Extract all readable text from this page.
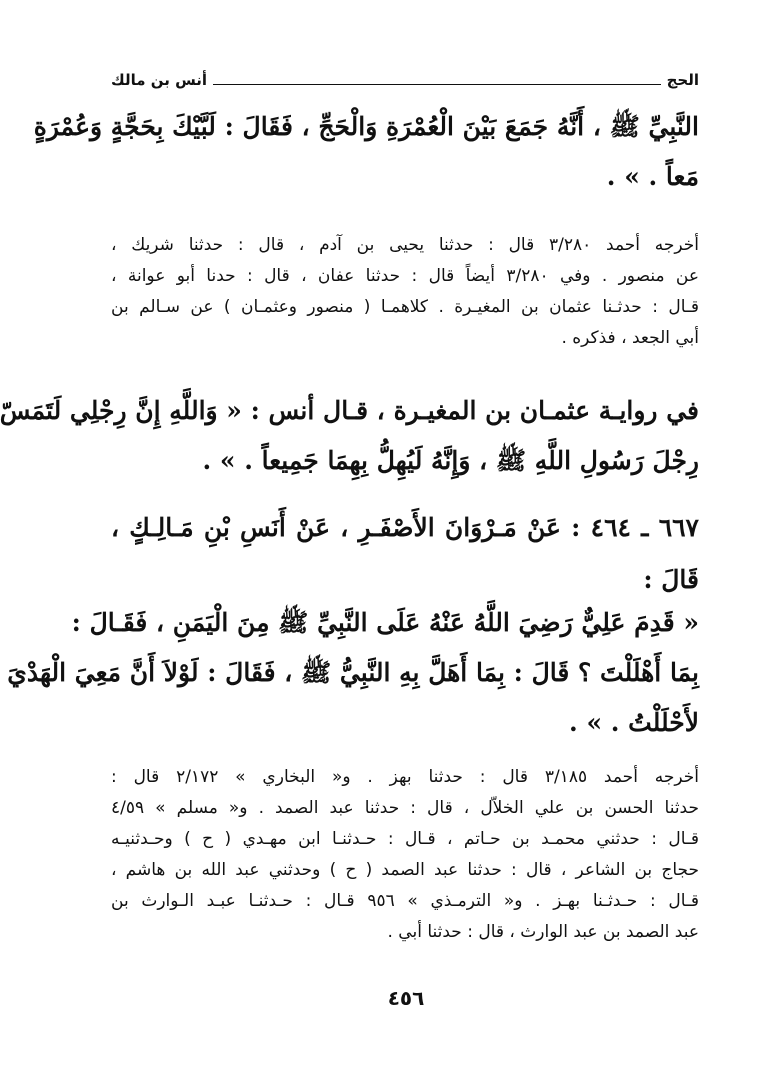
الحج
أنس بن مالك
النَّبِيِّ ﷺ ، أَنَّهُ جَمَعَ بَيْنَ الْعُمْرَةِ وَالْحَجِّ ، فَقَالَ : لَبَّيْكَ بِحَجَّةٍ وَعُمْرَةٍ
مَعاً . » .
أخرجه أحمد ٣/٢٨٠ قال : حدثنا يحيى بن آدم ، قال : حدثنا شريك ،
عن منصور . وفي ٣/٢٨٠ أيضاً قال : حدثنا عفان ، قال : حدنا أبو عوانة ،
قـال : حدثـنا عثمان بن المغيـرة . كلاهمـا ( منصور وعثمـان ) عن سـالم بن
أبي الجعد ، فذكره .
في روايـة عثمـان بن المغيـرة ، قـال أنس : « وَاللَّهِ إِنَّ رِجْلِي لَتَمَسّ
رِجْلَ رَسُولِ اللَّهِ ﷺ ، وَإِنَّهُ لَيُهِلُّ بِهِمَا جَمِيعاً . » .
٦٦٧ ـ ٤٦٤ : عَنْ مَـرْوَانَ الأَصْفَـرِ ، عَنْ أَنَسِ بْنِ مَـالِـكٍ ،
قَالَ :
« قَدِمَ عَلِيٌّ رَضِيَ اللَّهُ عَنْهُ عَلَى النَّبِيِّ ﷺ مِنَ الْيَمَنِ ، فَقَـالَ :
بِمَا أَهْلَلْتَ ؟ قَالَ : بِمَا أَهَلَّ بِهِ النَّبِيُّ ﷺ ، فَقَالَ : لَوْلاَ أَنَّ مَعِيَ الْهَدْيَ
لأَحْلَلْتُ . » .
أخرجه أحمد ٣/١٨٥ قال : حدثنا بهز . و« البخاري » ٢/١٧٢ قال :
حدثنا الحسن بن علي الخلاّل ، قال : حدثنا عبد الصمد . و« مسلم » ٤/٥٩
قـال : حدثني محمـد بن حـاتم ، قـال : حـدثنـا ابن مهـدي ( ح ) وحـدثنيـه
حجاج بن الشاعر ، قال : حدثنا عبد الصمد ( ح ) وحدثني عبد الله بن هاشم ،
قـال : حـدثـنا بهـز . و« الترمـذي » ٩٥٦ قـال : حـدثنـا عبـد الـوارث بن
عبد الصمد بن عبد الوارث ، قال : حدثنا أبي .
٤٥٦
